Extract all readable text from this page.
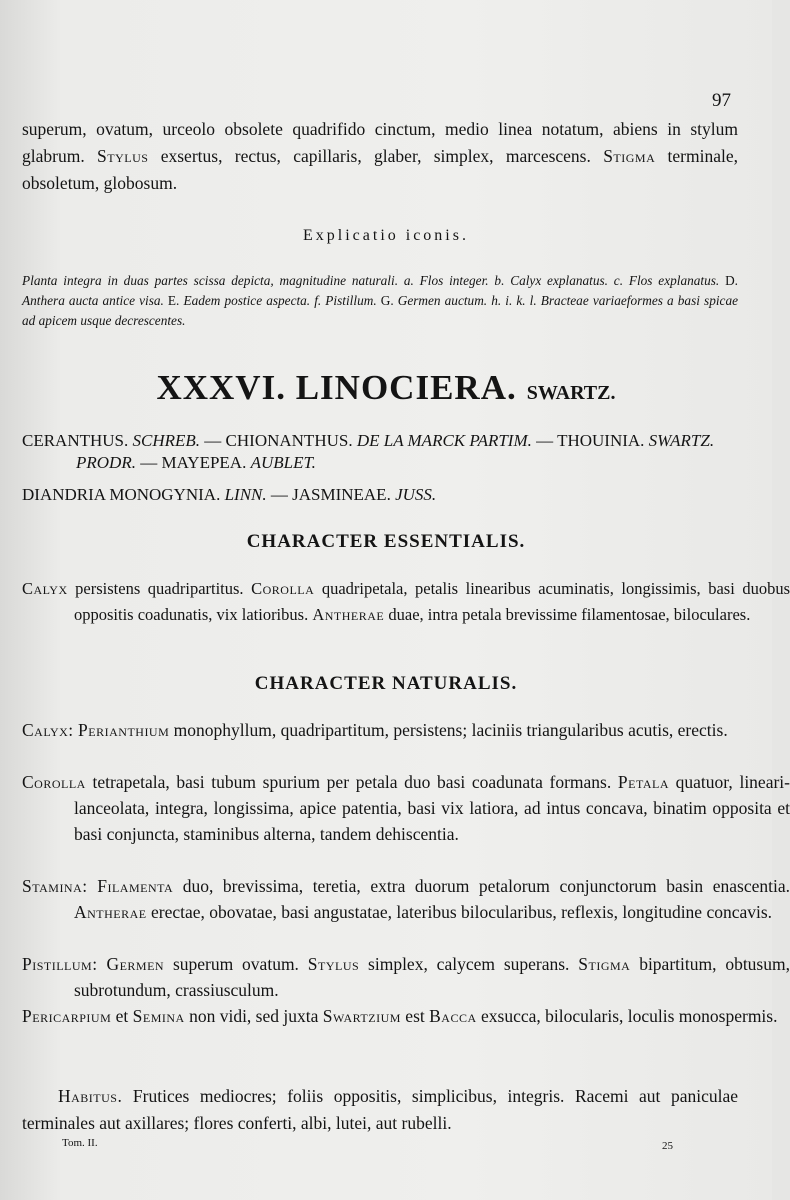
97
superum, ovatum, urceolo obsolete quadrifido cinctum, medio linea notatum, abiens in stylum glabrum. Stylus exsertus, rectus, capillaris, glaber, simplex, marcescens. Stigma terminale, obsoletum, globosum.
Explicatio iconis.
Planta integra in duas partes scissa depicta, magnitudine naturali. a. Flos integer. b. Calyx explanatus. c. Flos explanatus. D. Anthera aucta antice visa. E. Eadem postice aspecta. f. Pistillum. G. Germen auctum. h. i. k. l. Bracteae variaeformes a basi spicae ad apicem usque decrescentes.
XXXVI. LINOCIERA. SWARTZ.
CERANTHUS. SCHREB. — CHIONANTHUS. DE LA MARCK PARTIM. — THOUINIA. SWARTZ.
PRODR. — MAYEPEA. AUBLET.
DIANDRIA MONOGYNIA. LINN. — JASMINEAE. JUSS.
CHARACTER ESSENTIALIS.
Calyx persistens quadripartitus. Corolla quadripetala, petalis linearibus acuminatis, longissimis, basi duobus oppositis coadunatis, vix latioribus. Antherae duae, intra petala brevissime filamentosae, biloculares.
CHARACTER NATURALIS.
Calyx: Perianthium monophyllum, quadripartitum, persistens; laciniis triangularibus acutis, erectis.
Corolla tetrapetala, basi tubum spurium per petala duo basi coadunata formans. Petala quatuor, lineari-lanceolata, integra, longissima, apice patentia, basi vix latiora, ad intus concava, binatim opposita et basi conjuncta, staminibus alterna, tandem dehiscentia.
Stamina: Filamenta duo, brevissima, teretia, extra duorum petalorum conjunctorum basin enascentia. Antherae erectae, obovatae, basi angustatae, lateribus bilocularibus, reflexis, longitudine concavis.
Pistillum: Germen superum ovatum. Stylus simplex, calycem superans. Stigma bipartitum, obtusum, subrotundum, crassiusculum.
Pericarpium et Semina non vidi, sed juxta Swartzium est Bacca exsucca, bilocularis, loculis monospermis.
Habitus. Frutices mediocres; foliis oppositis, simplicibus, integris. Racemi aut paniculae terminales aut axillares; flores conferti, albi, lutei, aut rubelli.
Tom. II.	25
